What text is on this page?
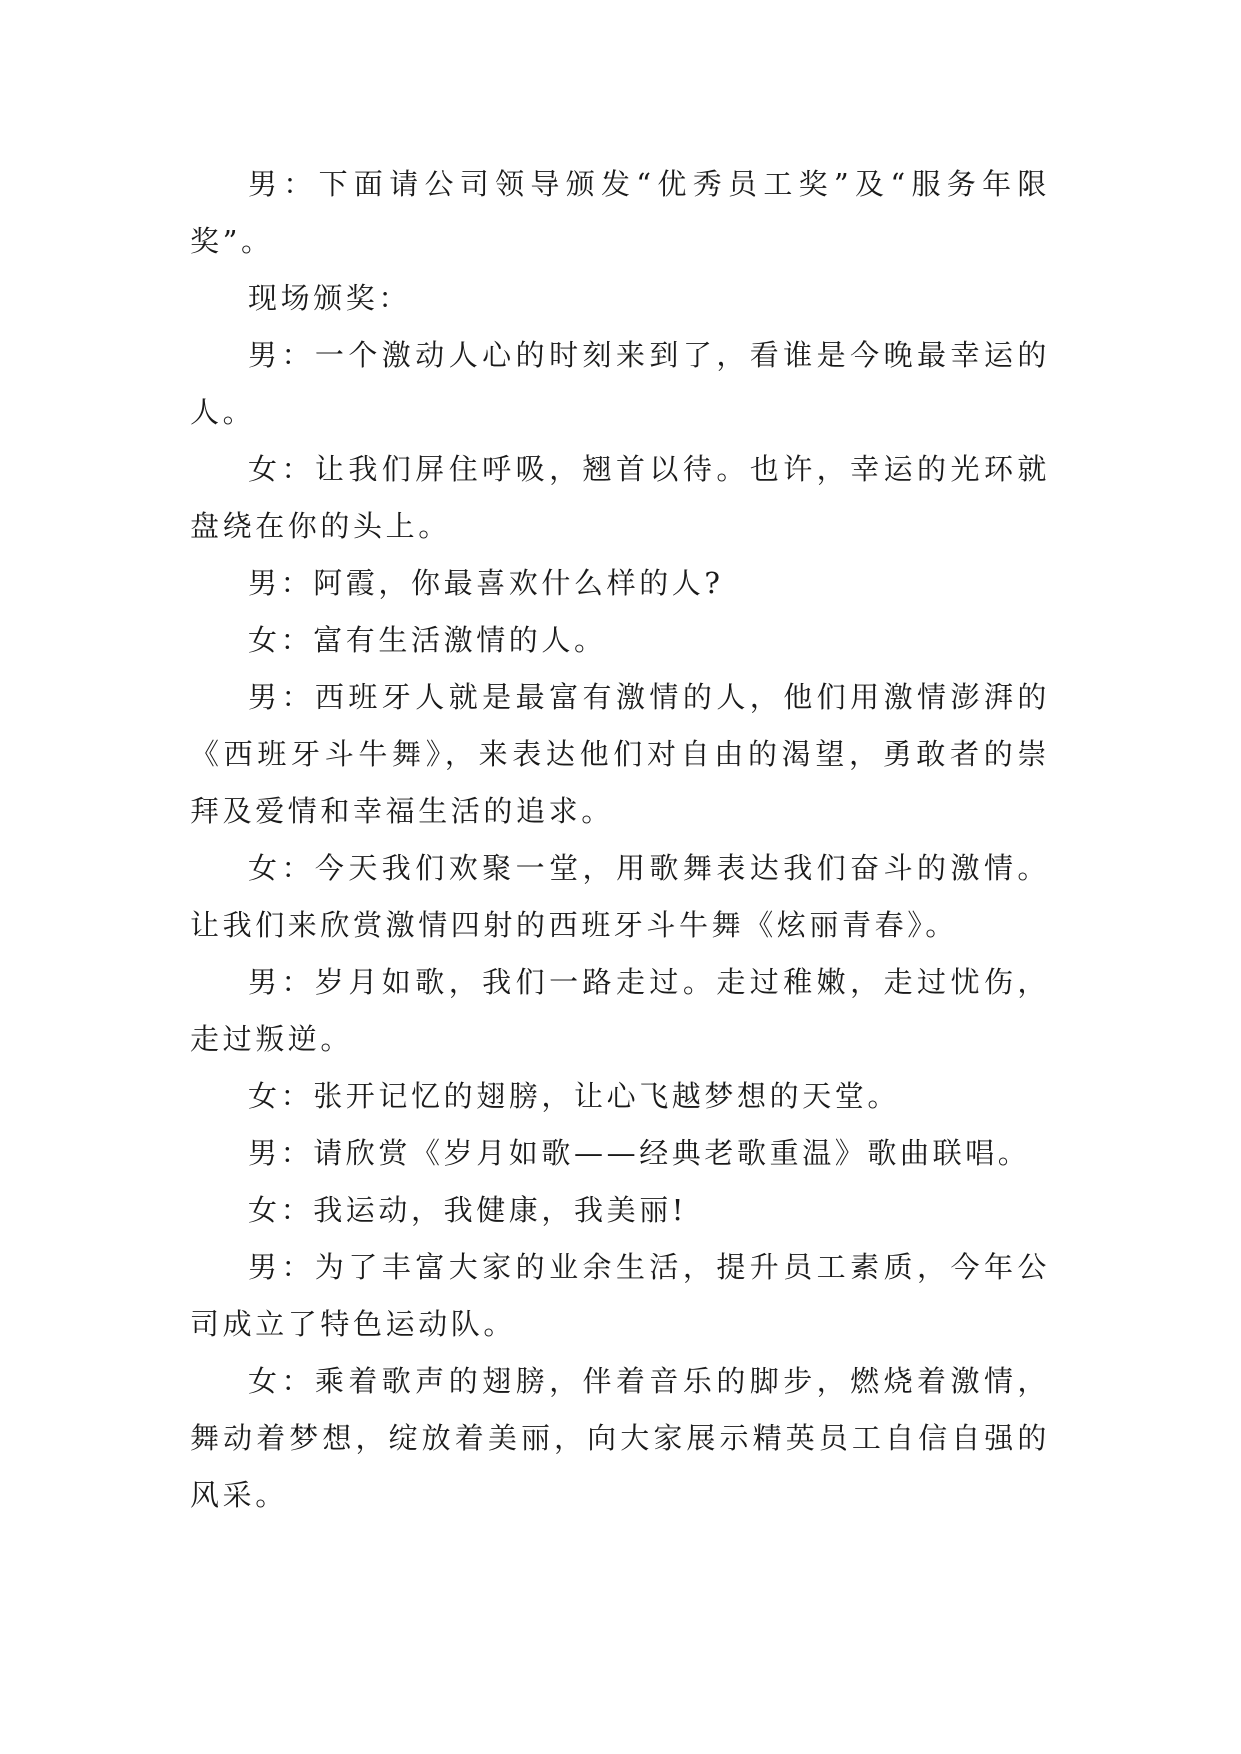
男：下面请公司领导颁发“优秀员工奖”及“服务年限奖”。

现场颁奖：

男：一个激动人心的时刻来到了，看谁是今晚最幸运的人。

女：让我们屏住呼吸，翘首以待。也许，幸运的光环就盘绕在你的头上。

男：阿霞，你最喜欢什么样的人?

女：富有生活激情的人。

男：西班牙人就是最富有激情的人，他们用激情澎湃的《西班牙斗牛舞》，来表达他们对自由的渴望，勇敢者的崇拜及爱情和幸福生活的追求。

女：今天我们欢聚一堂，用歌舞表达我们奋斗的激情。让我们来欣赏激情四射的西班牙斗牛舞《炫丽青春》。

男：岁月如歌，我们一路走过。走过稚嫩，走过忧伤，走过叛逆。

女：张开记忆的翅膀，让心飞越梦想的天堂。

男：请欣赏《岁月如歌——经典老歌重温》歌曲联唱。

女：我运动，我健康，我美丽!

男：为了丰富大家的业余生活，提升员工素质，今年公司成立了特色运动队。

女：乘着歌声的翅膀，伴着音乐的脚步，燃烧着激情，舞动着梦想，绽放着美丽，向大家展示精英员工自信自强的风采。
